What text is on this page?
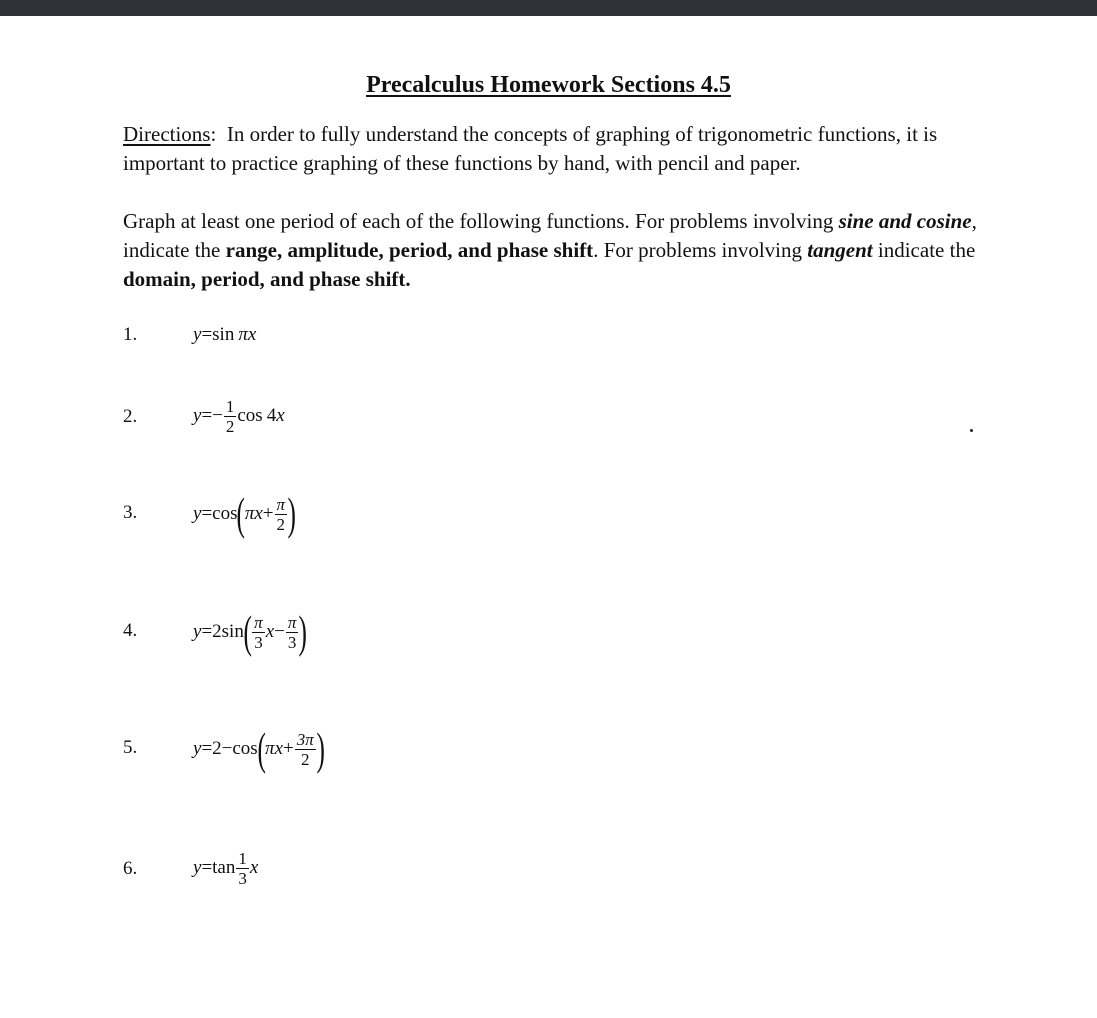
Precalculus Homework Sections 4.5

Directions:  In order to fully understand the concepts of graphing of trigonometric functions, it is important to practice graphing of these functions by hand, with pencil and paper.

Graph at least one period of each of the following functions. For problems involving sine and cosine, indicate the range, amplitude, period, and phase shift. For problems involving tangent indicate the domain, period, and phase shift.

1.	y = sin π x
2.	y = − $\frac{1}{2}$ cos 4 x
3.	y = cos ( π $x + \frac{\pi}{2}$ )
4.	y = 2 sin ( $\frac{\pi}{3}$ $x - \frac{\pi}{3}$ )
5.	y = 2 − cos ( π $x + \frac{3\pi}{2}$ )
6.	$y = \tan \frac{1}{3}$ x
